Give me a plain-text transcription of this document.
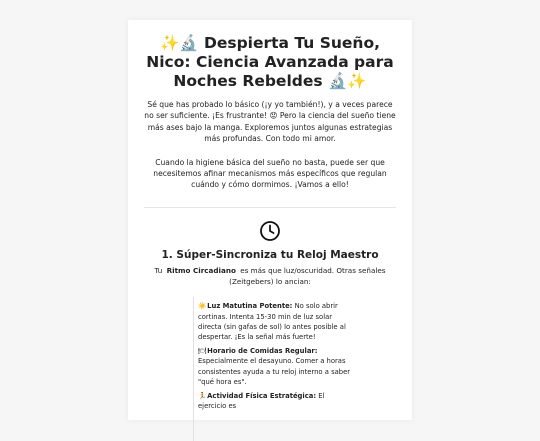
✨🔬 Despierta Tu Sueño, Nico: Ciencia Avanzada para Noches Rebeldes 🔬✨

Sé que has probado lo básico (¡y yo también!), y a veces parece no ser suficiente. ¡Es frustrante! 😟 Pero la ciencia del sueño tiene más ases bajo la manga. Exploremos juntos algunas estrategias más profundas. Con todo mi amor.

Cuando la higiene básica del sueño no basta, puede ser que necesitemos afinar mecanismos más específicos que regulan cuándo y cómo dormimos. ¡Vamos a ello!

1. Súper-Sincroniza tu Reloj Maestro

Tu Ritmo Circadiano es más que luz/oscuridad. Otras señales (Zeitgebers) lo ancian:

☀️ Luz Matutina Potente: No solo abrir cortinas. Intenta 15-30 min de luz solar directa (sin gafas de sol) lo antes posible al despertar. ¡Es la señal más fuerte!
🍽 Horario de Comidas Regular: Especialmente el desayuno. Comer a horas consistentes ayuda a tu reloj interno a saber "qué hora es".
🏃 Actividad Física Estratégica: El ejercicio es
